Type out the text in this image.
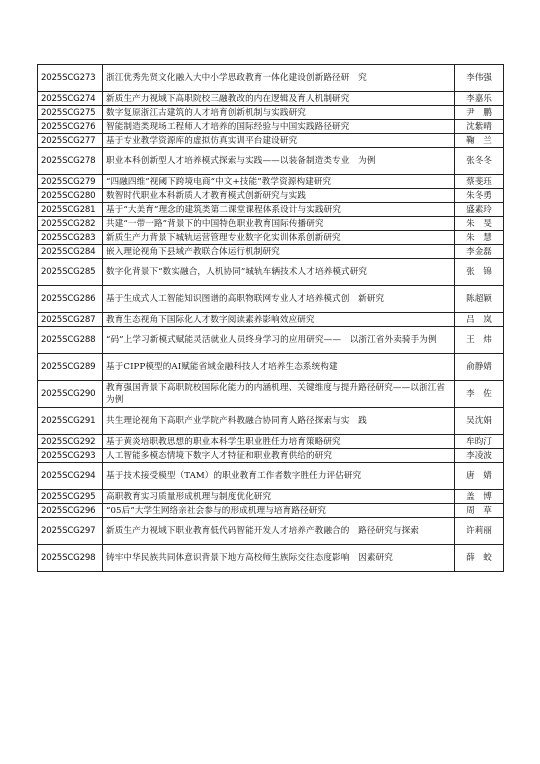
2025SCG273	浙江优秀先贤文化融入大中小学思政教育一体化建设创新路径研　究	李伟强
2025SCG274	新质生产力视域下高职院校三融教改的内在逻辑及育人机制研究	李嘉乐
2025SCG275	数字复原浙江古建筑的人才培育创新机制与实践研究	尹　鹏
2025SCG276	智能制造类现场工程师人才培养的国际经验与中国实践路径研究	沈紫晴
2025SCG277	基于专业教学资源库的虚拟仿真实训平台建设研究	鞠　兰
2025SCG278	职业本科创新型人才培养模式探索与实践——以装备制造类专业　为例	张冬冬
2025SCG279	“四融四维”视阈下跨境电商“中文+技能”教学资源构建研究	蔡斐珏
2025SCG280	数智时代职业本科新质人才教育模式创新研究与实践	朱冬勇
2025SCG281	基于“大美育”理念的建筑类第二课堂课程体系设计与实践研究	盛素玲
2025SCG282	共建“一带一路”背景下的中国特色职业教育国际传播研究	朱　旻
2025SCG283	新质生产力背景下城轨运营管理专业数字化实训体系创新研究	朱　慧
2025SCG284	嵌入理论视角下县域产教联合体运行机制研究	李金磊
2025SCG285	数字化背景下“数实融合，人机协同”城轨车辆技术人才培养模式研究	张　锦
2025SCG286	基于生成式人工智能知识图谱的高职物联网专业人才培养模式创　新研究	陈超颖
2025SCG287	教育生态视角下国际化人才数字阅读素养影响效应研究	吕　岚
2025SCG288	“码”上学习新模式赋能灵活就业人员终身学习的应用研究——　以浙江省外卖骑手为例	王　炜
2025SCG289	基于CIPP模型的AI赋能省域金融科技人才培养生态系统构建	俞静婧
2025SCG290	教育强国背景下高职院校国际化能力的内涵机理、关键维度与提升路径研究——以浙江省为例	李　佐
2025SCG291	共生理论视角下高职产业学院产科教融合协同育人路径探索与实　践	吴沈娟
2025SCG292	基于黄炎培职教思想的职业本科学生职业胜任力培育策略研究	牟昀汀
2025SCG293	人工智能多模态情境下数字人才特征和职业教育供给的研究	李凌波
2025SCG294	基于技术接受模型（TAM）的职业教育工作者数字胜任力评估研究	唐　婧
2025SCG295	高职教育实习质量形成机理与制度优化研究	盖　博
2025SCG296	“05后”大学生网络亲社会参与的形成机理与培育路径研究	周　草
2025SCG297	新质生产力视域下职业教育低代码智能开发人才培养产教融合的　路径研究与探索	许莉丽
2025SCG298	铸牢中华民族共同体意识背景下地方高校师生族际交往态度影响　因素研究	薛　蛟
